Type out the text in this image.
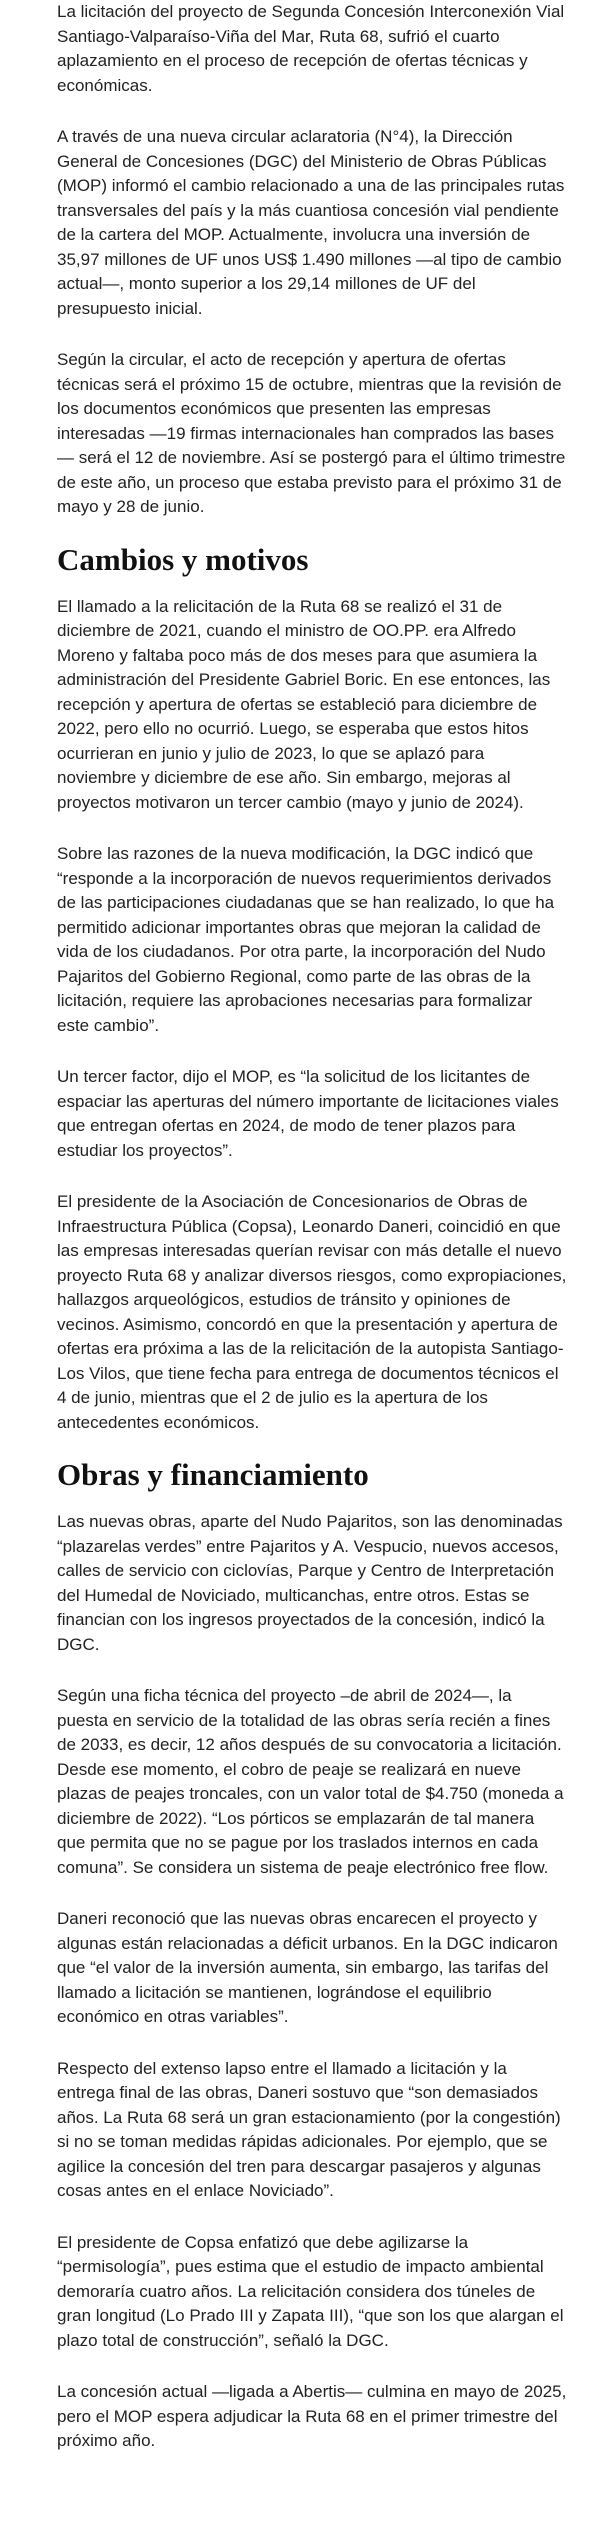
La licitación del proyecto de Segunda Concesión Interconexión Vial Santiago-Valparaíso-Viña del Mar, Ruta 68, sufrió el cuarto aplazamiento en el proceso de recepción de ofertas técnicas y económicas.

A través de una nueva circular aclaratoria (N°4), la Dirección General de Concesiones (DGC) del Ministerio de Obras Públicas (MOP) informó el cambio relacionado a una de las principales rutas transversales del país y la más cuantiosa concesión vial pendiente de la cartera del MOP. Actualmente, involucra una inversión de 35,97 millones de UF unos US$ 1.490 millones —al tipo de cambio actual—, monto superior a los 29,14 millones de UF del presupuesto inicial.

Según la circular, el acto de recepción y apertura de ofertas técnicas será el próximo 15 de octubre, mientras que la revisión de los documentos económicos que presenten las empresas interesadas —19 firmas internacionales han comprados las bases— será el 12 de noviembre. Así se postergó para el último trimestre de este año, un proceso que estaba previsto para el próximo 31 de mayo y 28 de junio.

Cambios y motivos

El llamado a la relicitación de la Ruta 68 se realizó el 31 de diciembre de 2021, cuando el ministro de OO.PP. era Alfredo Moreno y faltaba poco más de dos meses para que asumiera la administración del Presidente Gabriel Boric. En ese entonces, las recepción y apertura de ofertas se estableció para diciembre de 2022, pero ello no ocurrió. Luego, se esperaba que estos hitos ocurrieran en junio y julio de 2023, lo que se aplazó para noviembre y diciembre de ese año. Sin embargo, mejoras al proyectos motivaron un tercer cambio (mayo y junio de 2024).

Sobre las razones de la nueva modificación, la DGC indicó que “responde a la incorporación de nuevos requerimientos derivados de las participaciones ciudadanas que se han realizado, lo que ha permitido adicionar importantes obras que mejoran la calidad de vida de los ciudadanos. Por otra parte, la incorporación del Nudo Pajaritos del Gobierno Regional, como parte de las obras de la licitación, requiere las aprobaciones necesarias para formalizar este cambio”.

Un tercer factor, dijo el MOP, es “la solicitud de los licitantes de espaciar las aperturas del número importante de licitaciones viales que entregan ofertas en 2024, de modo de tener plazos para estudiar los proyectos”.

El presidente de la Asociación de Concesionarios de Obras de Infraestructura Pública (Copsa), Leonardo Daneri, coincidió en que las empresas interesadas querían revisar con más detalle el nuevo proyecto Ruta 68 y analizar diversos riesgos, como expropiaciones, hallazgos arqueológicos, estudios de tránsito y opiniones de vecinos. Asimismo, concordó en que la presentación y apertura de ofertas era próxima a las de la relicitación de la autopista Santiago-Los Vilos, que tiene fecha para entrega de documentos técnicos el 4 de junio, mientras que el 2 de julio es la apertura de los antecedentes económicos.

Obras y financiamiento

Las nuevas obras, aparte del Nudo Pajaritos, son las denominadas “plazarelas verdes” entre Pajaritos y A. Vespucio, nuevos accesos, calles de servicio con ciclovías, Parque y Centro de Interpretación del Humedal de Noviciado, multicanchas, entre otros. Estas se financian con los ingresos proyectados de la concesión, indicó la DGC.

Según una ficha técnica del proyecto –de abril de 2024—, la puesta en servicio de la totalidad de las obras sería recién a fines de 2033, es decir, 12 años después de su convocatoria a licitación. Desde ese momento, el cobro de peaje se realizará en nueve plazas de peajes troncales, con un valor total de $4.750 (moneda a diciembre de 2022). “Los pórticos se emplazarán de tal manera que permita que no se pague por los traslados internos en cada comuna”. Se considera un sistema de peaje electrónico free flow.

Daneri reconoció que las nuevas obras encarecen el proyecto y algunas están relacionadas a déficit urbanos. En la DGC indicaron que “el valor de la inversión aumenta, sin embargo, las tarifas del llamado a licitación se mantienen, lográndose el equilibrio económico en otras variables”.

Respecto del extenso lapso entre el llamado a licitación y la entrega final de las obras, Daneri sostuvo que “son demasiados años. La Ruta 68 será un gran estacionamiento (por la congestión) si no se toman medidas rápidas adicionales. Por ejemplo, que se agilice la concesión del tren para descargar pasajeros y algunas cosas antes en el enlace Noviciado”.

El presidente de Copsa enfatizó que debe agilizarse la “permisología”, pues estima que el estudio de impacto ambiental demoraría cuatro años. La relicitación considera dos túneles de gran longitud (Lo Prado III y Zapata III), “que son los que alargan el plazo total de construcción”, señaló la DGC.

La concesión actual —ligada a Abertis— culmina en mayo de 2025, pero el MOP espera adjudicar la Ruta 68 en el primer trimestre del próximo año.
